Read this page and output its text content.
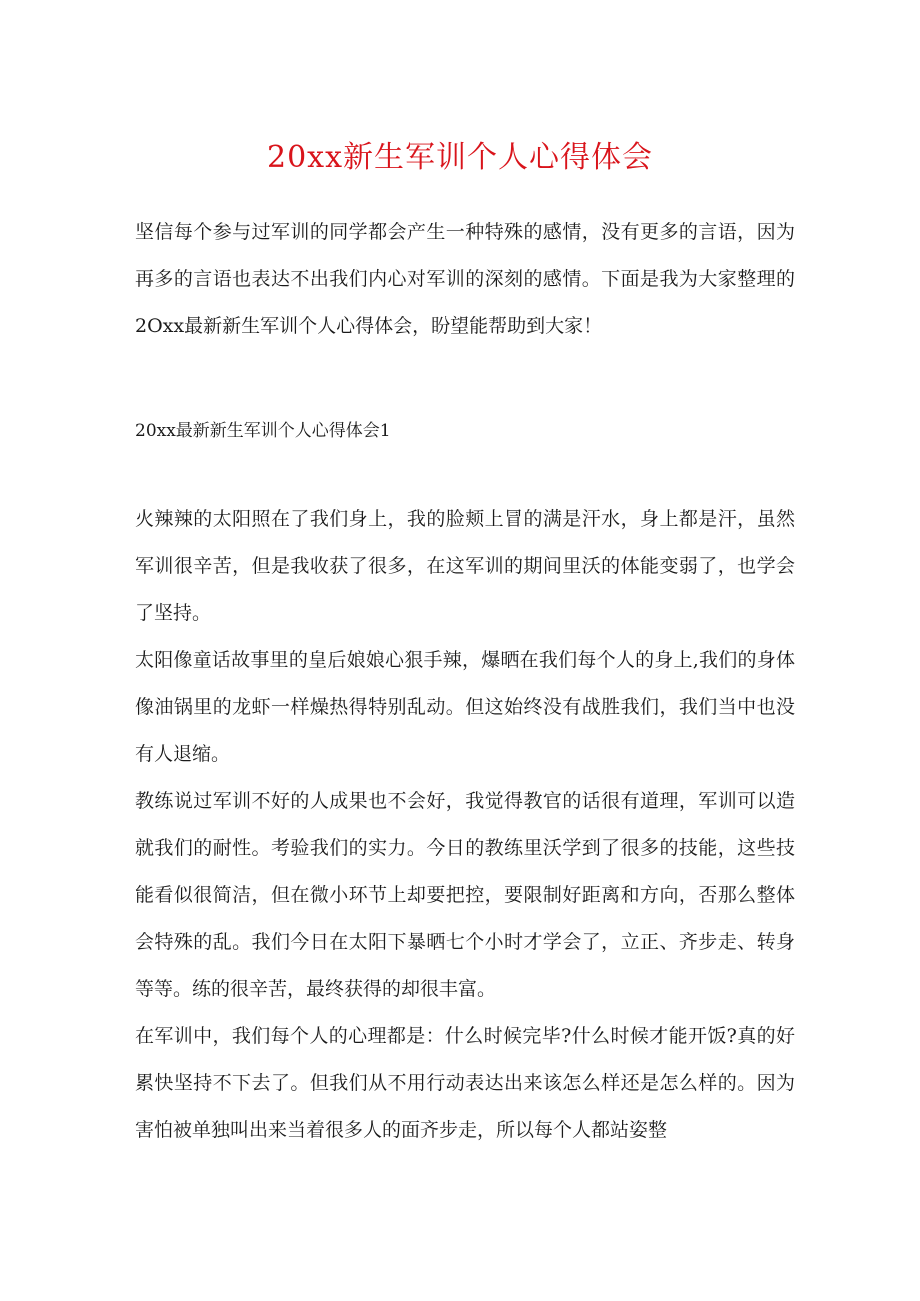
20xx新生军训个人心得体会
坚信每个参与过军训的同学都会产生一种特殊的感情，没有更多的言语，因为再多的言语也表达不出我们内心对军训的深刻的感情。下面是我为大家整理的2Oxx最新新生军训个人心得体会，盼望能帮助到大家！
20xx最新新生军训个人心得体会1

火辣辣的太阳照在了我们身上，我的脸颊上冒的满是汗水，身上都是汗，虽然军训很辛苦，但是我收获了很多，在这军训的期间里沃的体能变弱了，也学会了坚持。

太阳像童话故事里的皇后娘娘心狠手辣，爆晒在我们每个人的身上,我们的身体像油锅里的龙虾一样燥热得特别乱动。但这始终没有战胜我们，我们当中也没有人退缩。

教练说过军训不好的人成果也不会好，我觉得教官的话很有道理，军训可以造就我们的耐性。考验我们的实力。今日的教练里沃学到了很多的技能，这些技能看似很简洁，但在微小环节上却要把控，要限制好距离和方向，否那么整体会特殊的乱。我们今日在太阳下暴晒七个小时才学会了，立正、齐步走、转身等等。练的很辛苦，最终获得的却很丰富。

在军训中，我们每个人的心理都是：什么时候完毕?什么时候才能开饭?真的好累快坚持不下去了。但我们从不用行动表达出来该怎么样还是怎么样的。因为害怕被单独叫出来当着很多人的面齐步走，所以每个人都站姿整
